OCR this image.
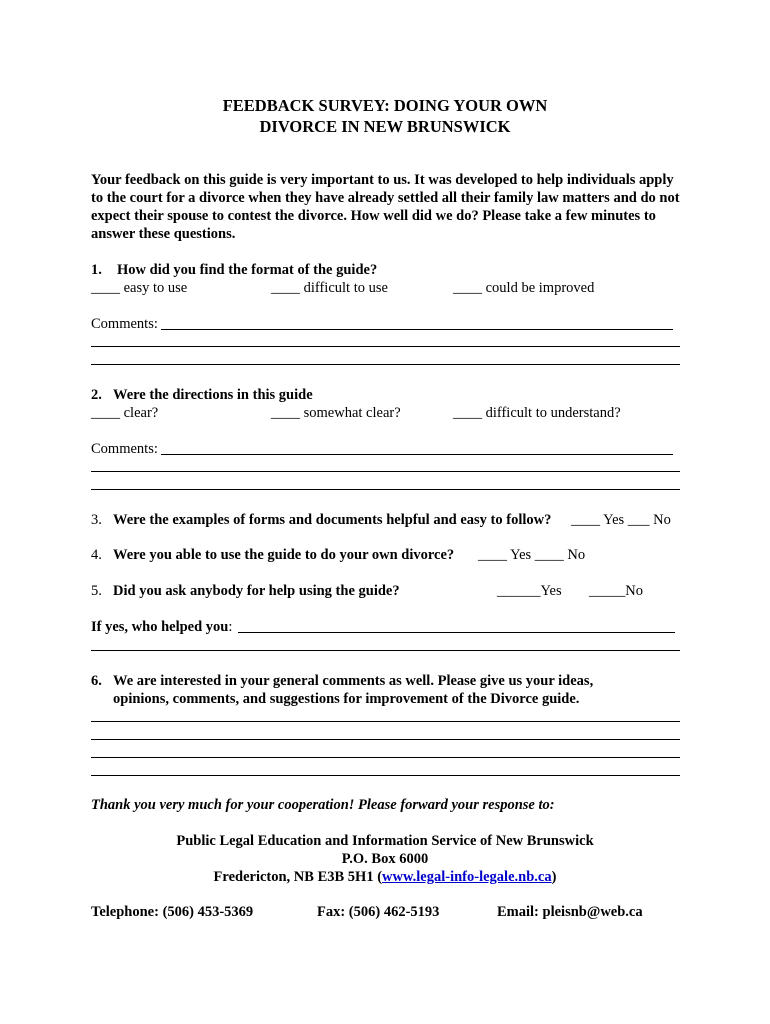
FEEDBACK SURVEY: DOING YOUR OWN
DIVORCE IN NEW BRUNSWICK
Your feedback on this guide is very important to us. It was developed to help individuals apply to the court for a divorce when they have already settled all their family law matters and do not expect their spouse to contest the divorce. How well did we do? Please take a few minutes to answer these questions.
1. How did you find the format of the guide?
____ easy to use	____ difficult to use	____ could be improved
Comments:
2. Were the directions in this guide
____ clear?	____ somewhat clear?	____ difficult to understand?
Comments:
3. Were the examples of forms and documents helpful and easy to follow? ____ Yes ___ No
4. Were you able to use the guide to do your own divorce? ____ Yes ____ No
5. Did you ask anybody for help using the guide?	______Yes _____No
If yes, who helped you:
6. We are interested in your general comments as well. Please give us your ideas,
opinions, comments, and suggestions for improvement of the Divorce guide.
Thank you very much for your cooperation! Please forward your response to:
Public Legal Education and Information Service of New Brunswick
P.O. Box 6000
Fredericton, NB E3B 5H1 (www.legal-info-legale.nb.ca)
Telephone: (506) 453-5369	Fax: (506) 462-5193	Email: pleisnb@web.ca
